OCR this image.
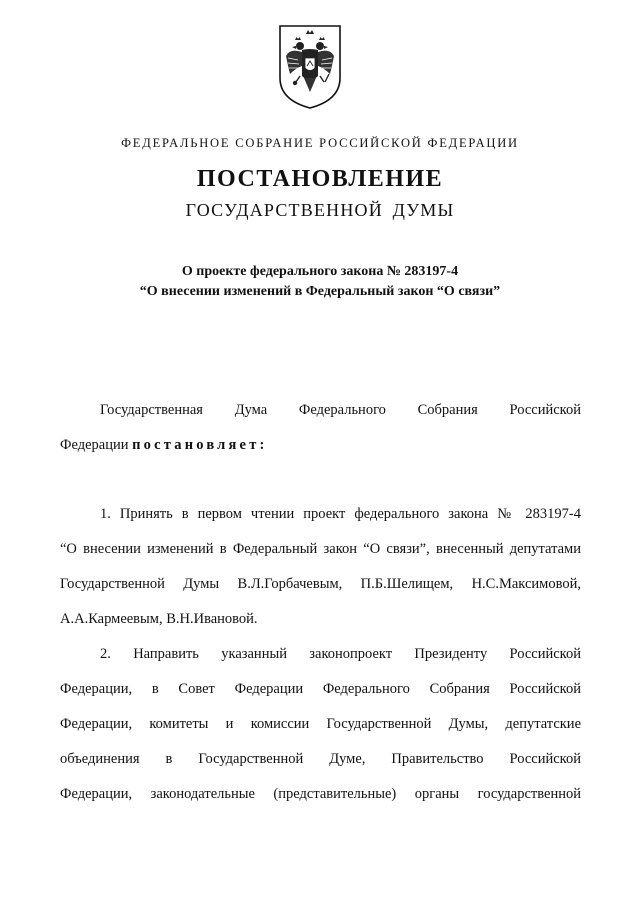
ФЕДЕРАЛЬНОЕ СОБРАНИЕ РОССИЙСКОЙ ФЕДЕРАЦИИ
ПОСТАНОВЛЕНИЕ
ГОСУДАРСТВЕННОЙ ДУМЫ
О проекте федерального закона № 283197-4
“О внесении изменений в Федеральный закон “О связи”
Государственная Дума Федерального Собрания Российской
Федерации постановляет:
1. Принять в первом чтении проект федерального закона № 283197-4
“О внесении изменений в Федеральный закон “О связи”, внесенный депутатами
Государственной Думы В.Л.Горбачевым, П.Б.Шелищем, Н.С.Максимовой,
А.А.Кармеевым, В.Н.Ивановой.
2. Направить указанный законопроект Президенту Российской
Федерации, в Совет Федерации Федерального Собрания Российской
Федерации, комитеты и комиссии Государственной Думы, депутатские
объединения в Государственной Думе, Правительство Российской
Федерации, законодательные (представительные) органы государственной
